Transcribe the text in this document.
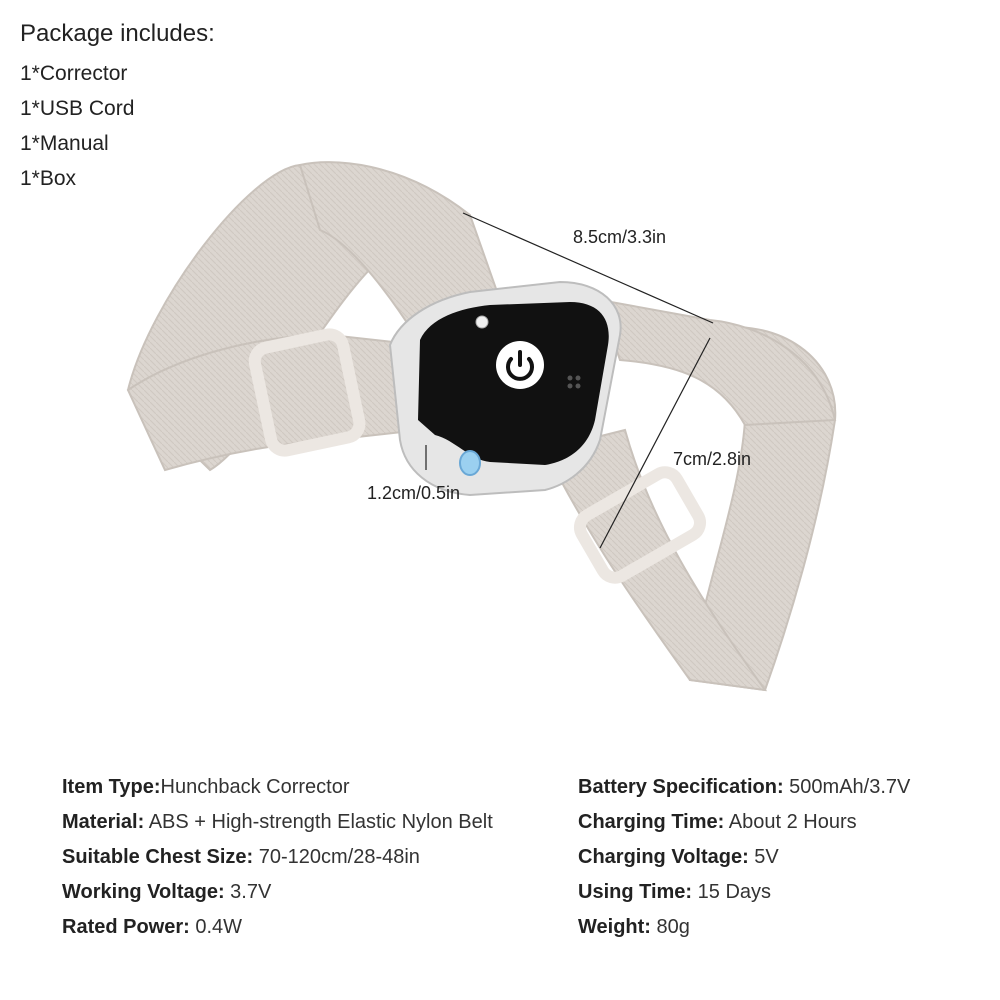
Package includes:
1*Corrector
1*USB Cord
1*Manual
1*Box
8.5cm/3.3in
7cm/2.8in
1.2cm/0.5in
Item Type:Hunchback Corrector
Material: ABS + High-strength Elastic Nylon Belt
Suitable Chest Size: 70-120cm/28-48in
Working Voltage: 3.7V
Rated Power: 0.4W
Battery Specification: 500mAh/3.7V
Charging Time: About 2 Hours
Charging Voltage: 5V
Using Time: 15 Days
Weight: 80g
